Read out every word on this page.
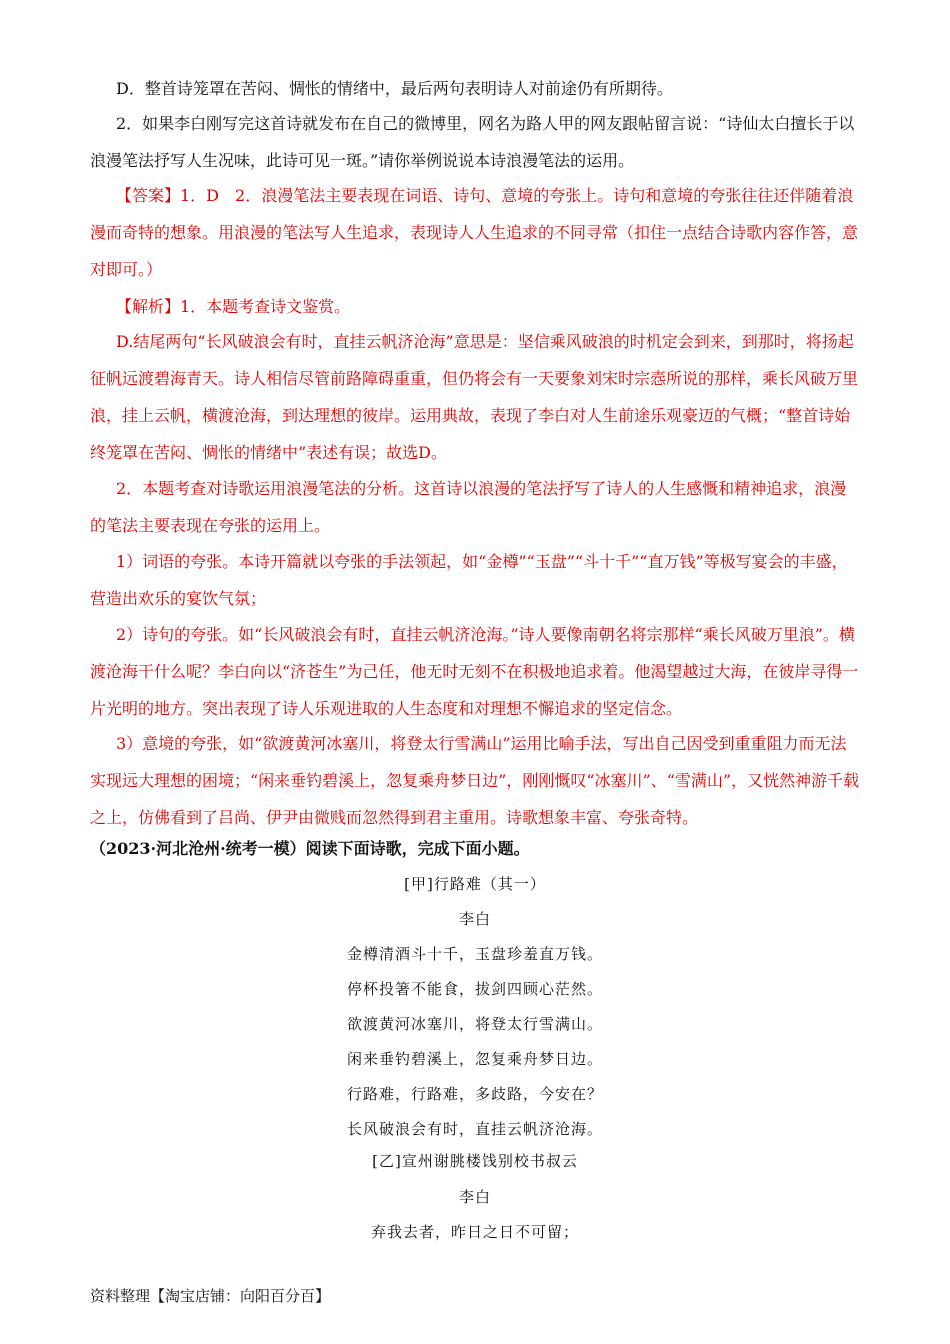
D．整首诗笼罩在苦闷、惆怅的情绪中，最后两句表明诗人对前途仍有所期待。

2．如果李白刚写完这首诗就发布在自己的微博里，网名为路人甲的网友跟帖留言说：“诗仙太白擅长于以浪漫笔法抒写人生况味，此诗可见一斑。”请你举例说说本诗浪漫笔法的运用。

【答案】1．D　2．浪漫笔法主要表现在词语、诗句、意境的夸张上。诗句和意境的夸张往往还伴随着浪漫而奇特的想象。用浪漫的笔法写人生追求，表现诗人人生追求的不同寻常（扣住一点结合诗歌内容作答，意对即可。）

【解析】1．本题考查诗文鉴赏。

D.结尾两句“长风破浪会有时，直挂云帆济沧海”意思是：坚信乘风破浪的时机定会到来，到那时，将扬起征帆远渡碧海青天。诗人相信尽管前路障碍重重，但仍将会有一天要象刘宋时宗悫所说的那样，乘长风破万里浪，挂上云帆，横渡沧海，到达理想的彼岸。运用典故，表现了李白对人生前途乐观豪迈的气概；“整首诗始终笼罩在苦闷、惆怅的情绪中”表述有误；故选D。

2．本题考查对诗歌运用浪漫笔法的分析。这首诗以浪漫的笔法抒写了诗人的人生感慨和精神追求，浪漫的笔法主要表现在夸张的运用上。

1）词语的夸张。本诗开篇就以夸张的手法领起，如“金樽”“玉盘”“斗十千”“直万钱”等极写宴会的丰盛，营造出欢乐的宴饮气氛；

2）诗句的夸张。如“长风破浪会有时，直挂云帆济沧海。”诗人要像南朝名将宗那样“乘长风破万里浪”。横渡沧海干什么呢？李白向以“济苍生”为己任，他无时无刻不在积极地追求着。他渴望越过大海，在彼岸寻得一片光明的地方。突出表现了诗人乐观进取的人生态度和对理想不懈追求的坚定信念。

3）意境的夸张，如“欲渡黄河冰塞川，将登太行雪满山”运用比喻手法，写出自己因受到重重阻力而无法实现远大理想的困境；“闲来垂钓碧溪上，忽复乘舟梦日边”，刚刚慨叹“冰塞川”、“雪满山”，又恍然神游千载之上，仿佛看到了吕尚、伊尹由微贱而忽然得到君主重用。诗歌想象丰富、夸张奇特。

（2023·河北沧州·统考一模）阅读下面诗歌，完成下面小题。

[甲]行路难（其一）
李白
金樽清酒斗十千，玉盘珍羞直万钱。
停杯投箸不能食，拔剑四顾心茫然。
欲渡黄河冰塞川，将登太行雪满山。
闲来垂钓碧溪上，忽复乘舟梦日边。
行路难，行路难，多歧路，今安在？
长风破浪会有时，直挂云帆济沧海。
[乙]宣州谢朓楼饯别校书叔云
李白
弃我去者，昨日之日不可留；
资料整理【淘宝店铺：向阳百分百】
